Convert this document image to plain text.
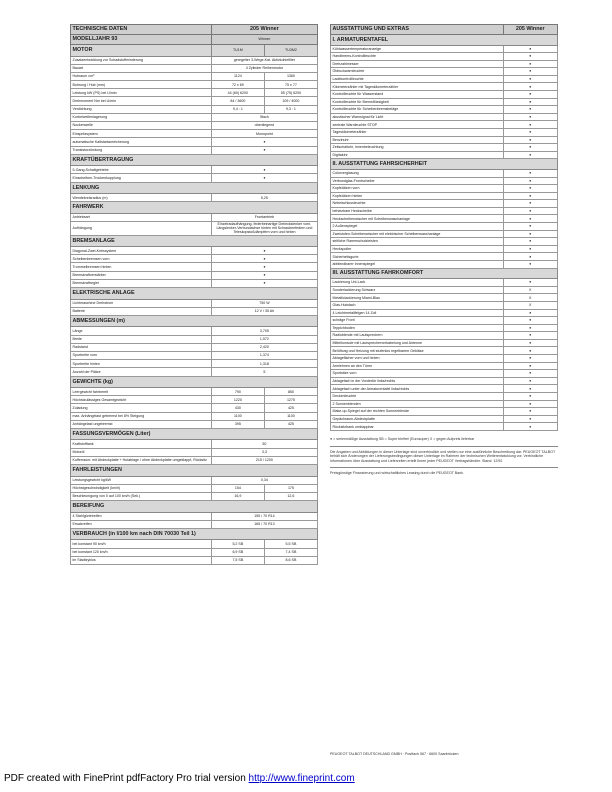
TECHNISCHE DATEN	205 Winner	
MODELLJAHR 93	Winner	
MOTOR	TU1M	TU3M2
Zusatzentwicklung zur Schadstoffminderung	geregelter 3-Wege-Kat. Aktivkohlefilter	
Bauart	4 Zylinder Reihenmotor	
Hubraum cm³	1124	1360
Bohrung / Hub (mm)	72 x 69	75 x 77
Leistung kW (PS) bei U/min	44 (60) 6200	55 (75) 6200
Drehmoment Nm bei U/min	84 / 3600	109 / 4000
Verdichtung	9,4 : 1	9,3 : 1
Kurbelwellenlagerung	5fach	
Nockenwelle	obenliegend	
Einspritzsystem	Monopoint	
automatische Kaltstartanreicherung	●	
Transistorzündung	●	
KRAFTÜBERTRAGUNG		
5-Gang-Schaltgetriebe	●	
Einscheiben-Trockenkupplung	●	
LENKUNG		
Wendekreisradius (m)	5,25	
FAHRWERK		
Antriebsart	Frontantrieb	
Aufhängung	Einzelradaufhängung, federbeinartige Dreieckslenker vorn, Längslenker-Verbundachse hinten mit Schraubenfedern und Teleskopstoßdämpfern vorn und hinten	
BREMSANLAGE		
Diagonal-Zwei-Kreissystem	●	
Scheibenbremsen vorn	●	
Trommelbremsen hinten	●	
Bremskraftverstärker	●	
Bremskraftregler	●	
ELEKTRISCHE ANLAGE		
Lichtmaschine Drehstrom	750 W	
Batterie	12 V / 35 Ah	
ABMESSUNGEN (m)		
Länge	3,705	
Breite	1,572	
Radstand	2,420	
Spurbreite vorn	1,374	
Spurbreite hinten	1,318	
Anzahl der Plätze	5	
GEWICHTE (kg)		
Leergewicht fahrbereit	790	850
Höchstzulässiges Gesamtgewicht	1220	1275
Zuladung	430	425
max. Anhängelast gebremst bei 8% Steigung	1100	1100
Anhängelast ungebremst	395	425
FASSUNGSVERMÖGEN (Liter)		
Kraftstofftank	50	
Motoröl	3,3	
Kofferraum: mit Abdeckplatte + Hutablage / ohne Abdeckplatte umgeklappt, Rücksitz	215 / 1200	
FAHRLEISTUNGEN		
Leistungsgewicht kg/kW	0,34	
Höchstgeschwindigkeit (km/h)	154	175
Beschleunigung von 0 auf 100 km/h (Sek.)	16,9	12,6
BEREIFUNG		
4 Stahlgürtelreifen	155 / 70 R14	
Ersatzreifen	165 / 70 R13	
VERBRAUCH (in l/100 km nach DIN 70030 Teil 1)		
bei konstant 90 km/h	5,2 SB	5,5 SB
bei konstant 120 km/h	6,9 SB	7,4 SB
im Stadtzyklus	7,5 SB	8,6 SB
AUSSTATTUNG UND EXTRAS	205 Winner
I. ARMATURENTAFEL	
Kühlwassertemperaturanzeige	●
Handbrems-Kontrollleuchte	●
Drehzahlmesser	●
Öldruckwarnleuchte	●
Ladekontrollleuchte	●
Kilometerzähler mit Tageskilometerzähler	●
Kontrollleuchte für Wasserstand	●
Kontrollleuchte für Bremsflüssigkeit	●
Kontrollleuchte für Scheibenbremsbeläge	●
akustischer Warnsignal für Licht	●
zentrale Warnleuchte STOP	●
Tageskilometerzähler	●
Benzinuhr	●
Zeitschaltuhr, Innenbeleuchtung	●
Digitaluhr	●
II. AUSSTATTUNG FAHRSICHERHEIT	
Colorverglasung	●
Verbundglas-Frontscheibe	●
Kopfstützen vorn	●
Kopfstützen hinten	●
Nebelschlussleuchte	●
beheizbare Heckscheibe	●
Heckscheibenwischer mit Scheibenwaschanlage	●
2 Außenspiegel	●
Zweistufen-Scheibenwischer mit elektrischer Scheibenwaschanlage	●
seitliche Rammschutzleisten	●
Heckspoiler	●
Sicherheitsgurte	●
abblendbarer Innenspiegel	●
III. AUSSTATTUNG FAHRKOMFORT	
Lackierung Uni-Lack	●
Sonderlackierung Schwarz	X
Metalliclackierung Miami-Blau	X
Glas-Hubdach	X
4 Leichtmetallfelgen 14 Zoll	●
schräge Front	●
Teppichboden	●
Radioblende mit Lautsprechern	●
Mittelkonsole mit Lautsprecherverkabelung und Antenne	●
Belüftung und Heizung mit stufenlos regelbarem Gebläse	●
Ablagefächer vorn und hinten	●
Armlehnen an den Türen	●
Sportsitze vorn	●
Ablagefach in der Vordertür links/rechts	●
Ablagefach unter der Armaturentafel links/rechts	●
Deckenleuchte	●
2 Sonnenblenden	●
Make-up-Spiegel auf der rechten Sonnenblende	●
Gepäckraum-Abdeckplatte	●
Rücksitzbank umklappbar	●
● = serienmäßige Ausstattung SB = Super bleifrei (Eurosuper) X = gegen Aufpreis lieferbar
Die Angaben und Abbildungen in dieser Unterlage sind unverbindlich und stellen nur eine ausführliche Beschreibung dar. PEUGEOT TALBOT behält sich Änderungen der Lieferungsbedingungen dieser Unterlage im Rahmen der technischen Weiterentwicklung vor. Verbindliche Informationen über Ausstattung und Lieferzeiten erteilt Ihnen jeder PEUGEOT Vertragshändler. Stand: 12/92
Preisgünstige Finanzierung und wirtschaftliches Leasing durch die PEUGEOT Bank.
PEUGEOT TALBOT DEUTSCHLAND GMBH · Postfach 567 · 6600 Saarbrücken
PDF created with FinePrint pdfFactory Pro trial version http://www.fineprint.com
